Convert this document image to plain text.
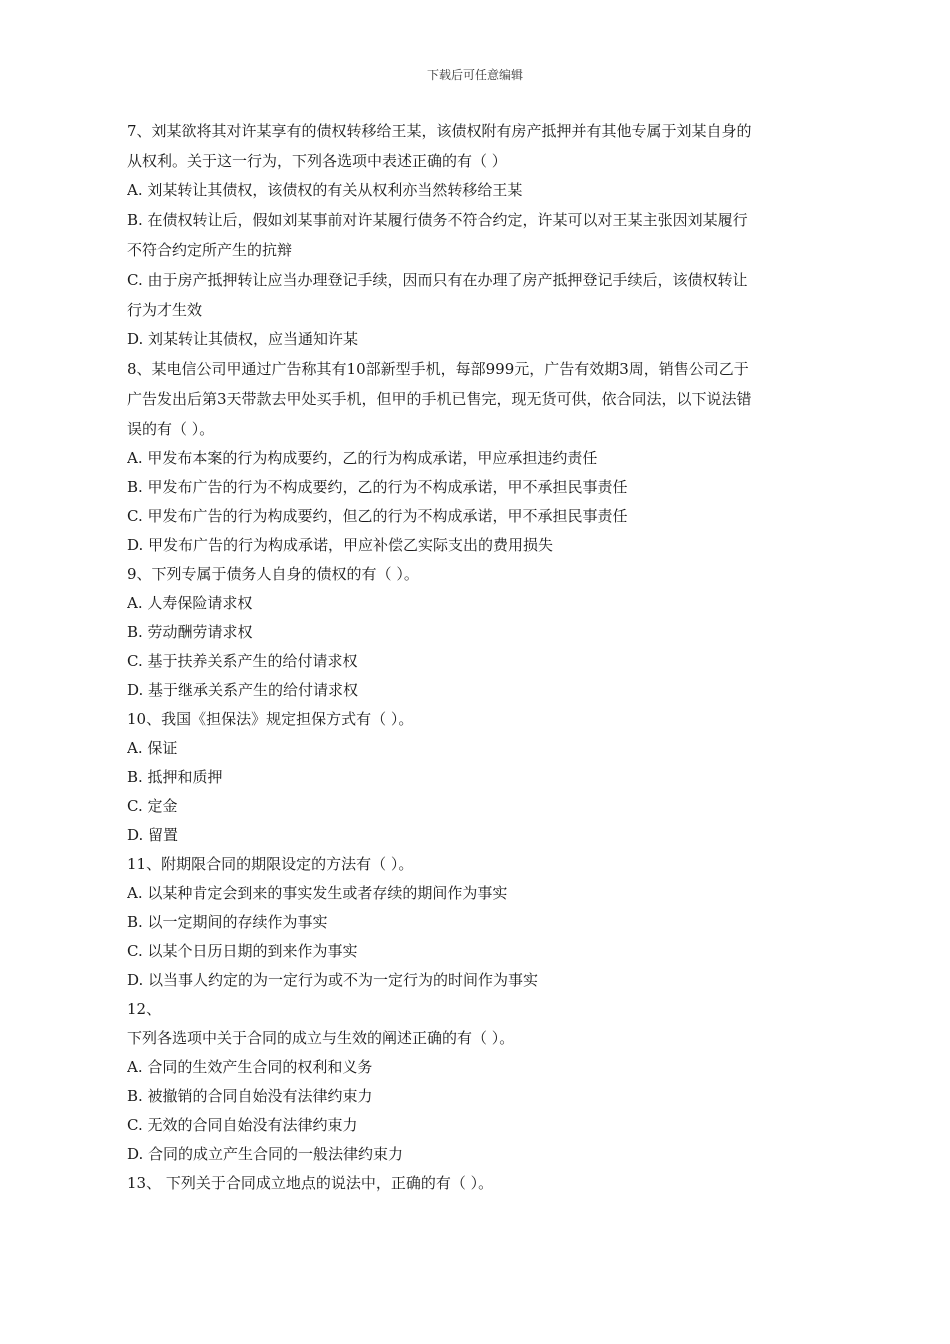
下载后可任意编辑
7、刘某欲将其对许某享有的债权转移给王某，该债权附有房产抵押并有其他专属于刘某自身的
从权利。关于这一行为，下列各选项中表述正确的有（ ）
A. 刘某转让其债权，该债权的有关从权利亦当然转移给王某
B. 在债权转让后，假如刘某事前对许某履行债务不符合约定，许某可以对王某主张因刘某履行
不符合约定所产生的抗辩
C. 由于房产抵押转让应当办理登记手续，因而只有在办理了房产抵押登记手续后，该债权转让
行为才生效
D. 刘某转让其债权，应当通知许某
8、某电信公司甲通过广告称其有10部新型手机，每部999元，广告有效期3周，销售公司乙于
广告发出后第3天带款去甲处买手机，但甲的手机已售完，现无货可供，依合同法，以下说法错
误的有（ ）。
A. 甲发布本案的行为构成要约，乙的行为构成承诺，甲应承担违约责任
B. 甲发布广告的行为不构成要约，乙的行为不构成承诺，甲不承担民事责任
C. 甲发布广告的行为构成要约，但乙的行为不构成承诺，甲不承担民事责任
D. 甲发布广告的行为构成承诺，甲应补偿乙实际支出的费用损失
9、下列专属于债务人自身的债权的有（ ）。
A. 人寿保险请求权
B. 劳动酬劳请求权
C. 基于扶养关系产生的给付请求权
D. 基于继承关系产生的给付请求权
10、我国《担保法》规定担保方式有（ ）。
A. 保证
B. 抵押和质押
C. 定金
D. 留置
11、附期限合同的期限设定的方法有（ ）。
A. 以某种肯定会到来的事实发生或者存续的期间作为事实
B. 以一定期间的存续作为事实
C. 以某个日历日期的到来作为事实
D. 以当事人约定的为一定行为或不为一定行为的时间作为事实
12、
下列各选项中关于合同的成立与生效的阐述正确的有（ ）。
A. 合同的生效产生合同的权利和义务
B. 被撤销的合同自始没有法律约束力
C. 无效的合同自始没有法律约束力
D. 合同的成立产生合同的一般法律约束力
13、 下列关于合同成立地点的说法中，正确的有（ ）。
